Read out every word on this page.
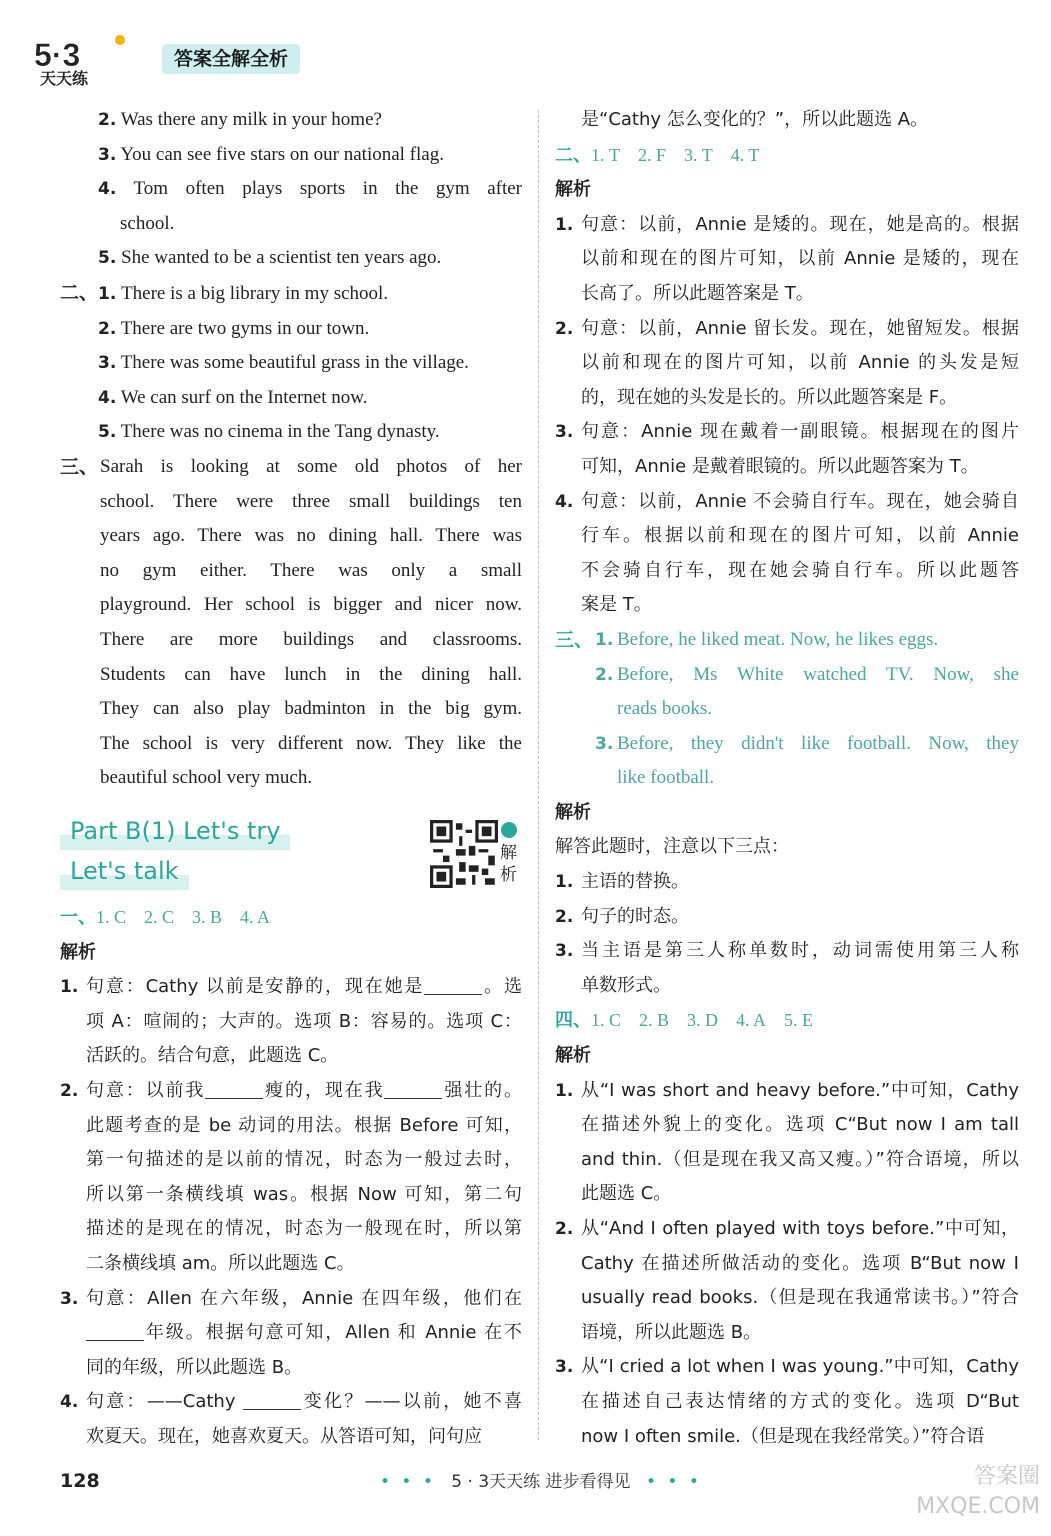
5·3
天天练
答案全解全析
2. Was there any milk in your home?
3. You can see five stars on our national flag.
4. Tom often plays sports in the gym after
school.
5. She wanted to be a scientist ten years ago.
二、1. There is a big library in my school.
2. There are two gyms in our town.
3. There was some beautiful grass in the village.
4. We can surf on the Internet now.
5. There was no cinema in the Tang dynasty.
三、 Sarah is looking at some old photos of her
school. There were three small buildings ten
years ago. There was no dining hall. There was
no gym either. There was only a small
playground. Her school is bigger and nicer now.
There are more buildings and classrooms.
Students can have lunch in the dining hall.
They can also play badminton in the big gym.
The school is very different now. They like the
beautiful school very much.
Part B(1) Let's try
Let's talk
解析
一、1. C 2. C 3. B 4. A
解析
1. 句意：Cathy 以前是安静的，现在她是	。选
项 A：喧闹的；大声的。选项 B：容易的。选项 C：
活跃的。结合句意，此题选 C。
2. 句意：以前我	瘦的，现在我	强壮的。
此题考查的是 be 动词的用法。根据 Before 可知，
第一句描述的是以前的情况，时态为一般过去时，
所以第一条横线填 was。根据 Now 可知，第二句
描述的是现在的情况，时态为一般现在时，所以第
二条横线填 am。所以此题选 C。
3. 句意：Allen 在六年级，Annie 在四年级，他们在
年级。根据句意可知，Allen 和 Annie 在不
同的年级，所以此题选 B。
4. 句意：——Cathy	变化？——以前，她不喜
欢夏天。现在，她喜欢夏天。从答语可知，问句应
是“Cathy 怎么变化的？”，所以此题选 A。
二、1. T 2. F 3. T 4. T
解析
1. 句意：以前，Annie 是矮的。现在，她是高的。根据
以前和现在的图片可知，以前 Annie 是矮的，现在
长高了。所以此题答案是 T。
2. 句意：以前，Annie 留长发。现在，她留短发。根据
以前和现在的图片可知，以前 Annie 的头发是短
的，现在她的头发是长的。所以此题答案是 F。
3. 句意：Annie 现在戴着一副眼镜。根据现在的图片
可知，Annie 是戴着眼镜的。所以此题答案为 T。
4. 句意：以前，Annie 不会骑自行车。现在，她会骑自
行车。根据以前和现在的图片可知，以前 Annie
不会骑自行车，现在她会骑自行车。所以此题答
案是 T。
三、 1. Before, he liked meat. Now, he likes eggs.
2. Before, Ms White watched TV. Now, she
reads books.
3. Before, they didn't like football. Now, they
like football.
解析
解答此题时，注意以下三点：
1. 主语的替换。
2. 句子的时态。
3. 当主语是第三人称单数时，动词需使用第三人称
单数形式。
四、1. C 2. B 3. D 4. A 5. E
解析
1. 从“I was short and heavy before.”中可知，Cathy
在描述外貌上的变化。选项 C“But now I am tall
and thin.（但是现在我又高又瘦。）”符合语境，所以
此题选 C。
2. 从“And I often played with toys before.”中可知，
Cathy 在描述所做活动的变化。选项 B“But now I
usually read books.（但是现在我通常读书。）”符合
语境，所以此题选 B。
3. 从“I cried a lot when I was young.”中可知，Cathy
在描述自己表达情绪的方式的变化。选项 D“But
now I often smile.（但是现在我经常笑。）”符合语
128	• • • 5 · 3天天练 进步看得见 • • •	答案圈
MXQE.COM
